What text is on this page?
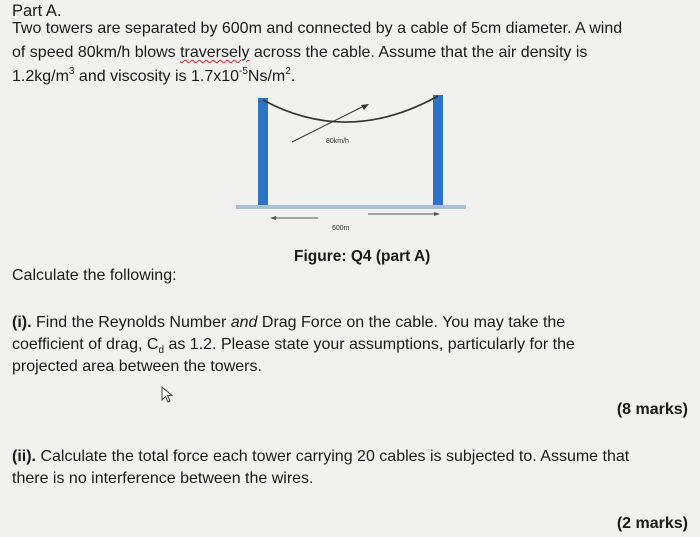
Part A.
Two towers are separated by 600m and connected by a cable of 5cm diameter. A wind
of speed 80km/h blows traversely across the cable. Assume that the air density is
$1.2kg/m^3$ and viscosity is $1.7x10^{-5}Ns/m^2$.
80km/h
600m
Figure: Q4 (part A)
Calculate the following:
(i). Find the Reynolds Number and Drag Force on the cable. You may take the
coefficient of drag, $C_d$ as 1.2. Please state your assumptions, particularly for the
projected area between the towers.
(8 marks)
(ii). Calculate the total force each tower carrying 20 cables is subjected to. Assume that
there is no interference between the wires.
(2 marks)
